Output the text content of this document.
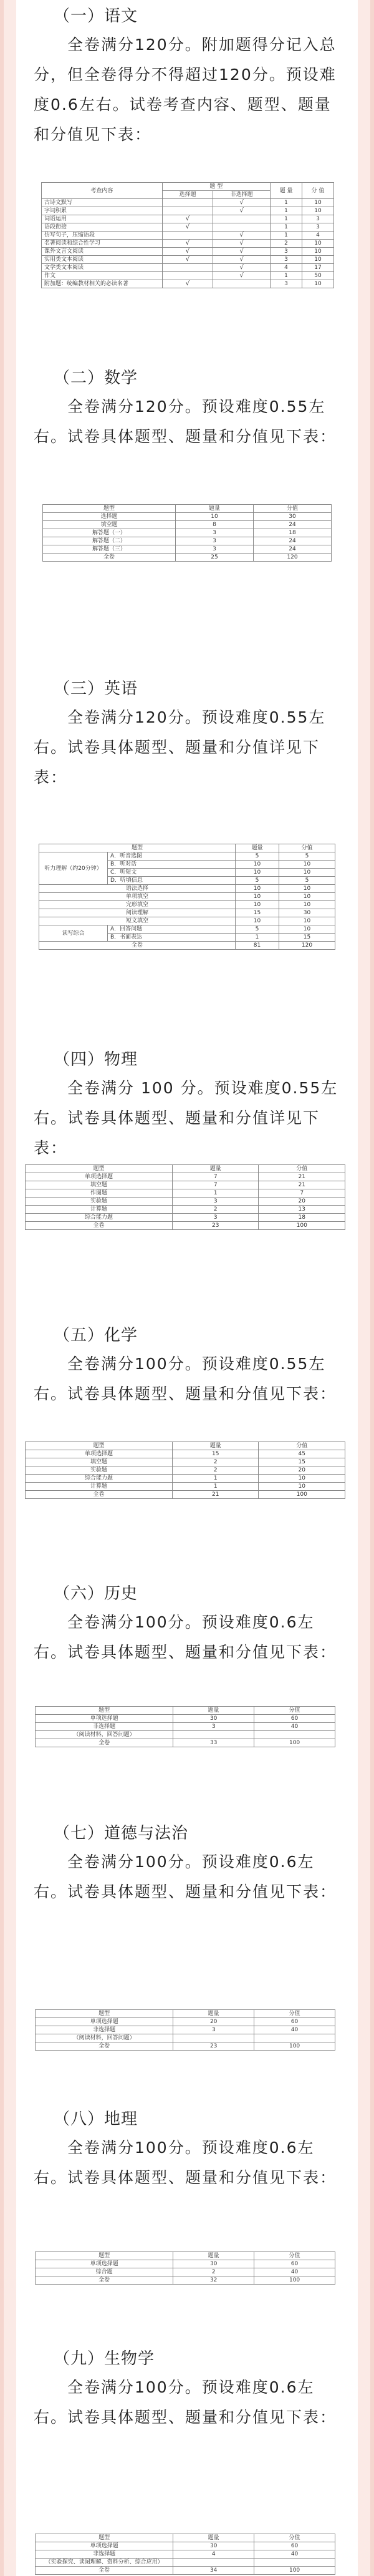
（一）语文
全卷满分120分。附加题得分记入总分，但全卷得分不得超过120分。预设难度0.6左右。试卷考查内容、题型、题量和分值见下表：
考查内容	题 型		题 量	分 值
	选择题	非选择题		
古诗文默写		√	1	10
字词积累		√	1	10
词语运用	√		1	3
语段衔接	√		1	3
仿写句子，压缩语段		√	1	4
名著阅读和综合性学习	√	√	2	10
课外文言文阅读	√	√	3	10
实用类文本阅读	√	√	3	10
文学类文本阅读		√	4	17
作文		√	1	50
附加题：统编教材相关的必读名著	√		3	10
（二）数学
全卷满分120分。预设难度0.55左右。试卷具体题型、题量和分值见下表：
题型	题量	分值
选择题	10	30
填空题	8	24
解答题（一）	3	18
解答题（二）	3	24
解答题（三）	3	24
全卷	25	120
（三）英语
全卷满分120分。预设难度0.55左右。试卷具体题型、题量和分值详见下表：
题型		题量	分值
听力理解（约20分钟）	A．听音选图	5	5
	B．听对话	10	10
	C．听短文	10	10
	D．听填信息	5	5
语法选择		10	10
单项填空		10	10
完形填空		10	10
阅读理解		15	30
短文填空		10	10
读写综合	A．回答问题	5	10
	B．书面表达	1	15
全卷		81	120
（四）物理
全卷满分 100 分。预设难度0.55左右。试卷具体题型、题量和分值详见下表：
题型	题量	分值
单项选择题	7	21
填空题	7	21
作图题	1	7
实验题	3	20
计算题	2	13
综合能力题	3	18
全卷	23	100
（五）化学
全卷满分100分。预设难度0.55左右。试卷具体题型、题量和分值见下表：
题型	题量	分值
单项选择题	15	45
填空题	2	15
实验题	2	20
综合能力题	1	10
计算题	1	10
全卷	21	100
（六）历史
全卷满分100分。预设难度0.6左右。试卷具体题型、题量和分值见下表：
题型	题量	分值
单项选择题	30	60
非选择题	3	40
（阅读材料，回答问题）		
全卷	33	100
（七）道德与法治
全卷满分100分。预设难度0.6左右。试卷具体题型、题量和分值见下表：
题型	题量	分值
单项选择题	20	60
非选择题	3	40
（阅读材料，回答问题）		
全卷	23	100
（八）地理
全卷满分100分。预设难度0.6左右。试卷具体题型、题量和分值见下表：
题型	题量	分值
单项选择题	30	60
综合题	2	40
全卷	32	100
（九）生物学
全卷满分100分。预设难度0.6左右。试卷具体题型、题量和分值见下表：
题型	题量	分值
单项选择题	30	60
非选择题	4	40
（实验探究、读图理解、资料分析、综合应用）		
全卷	34	100
